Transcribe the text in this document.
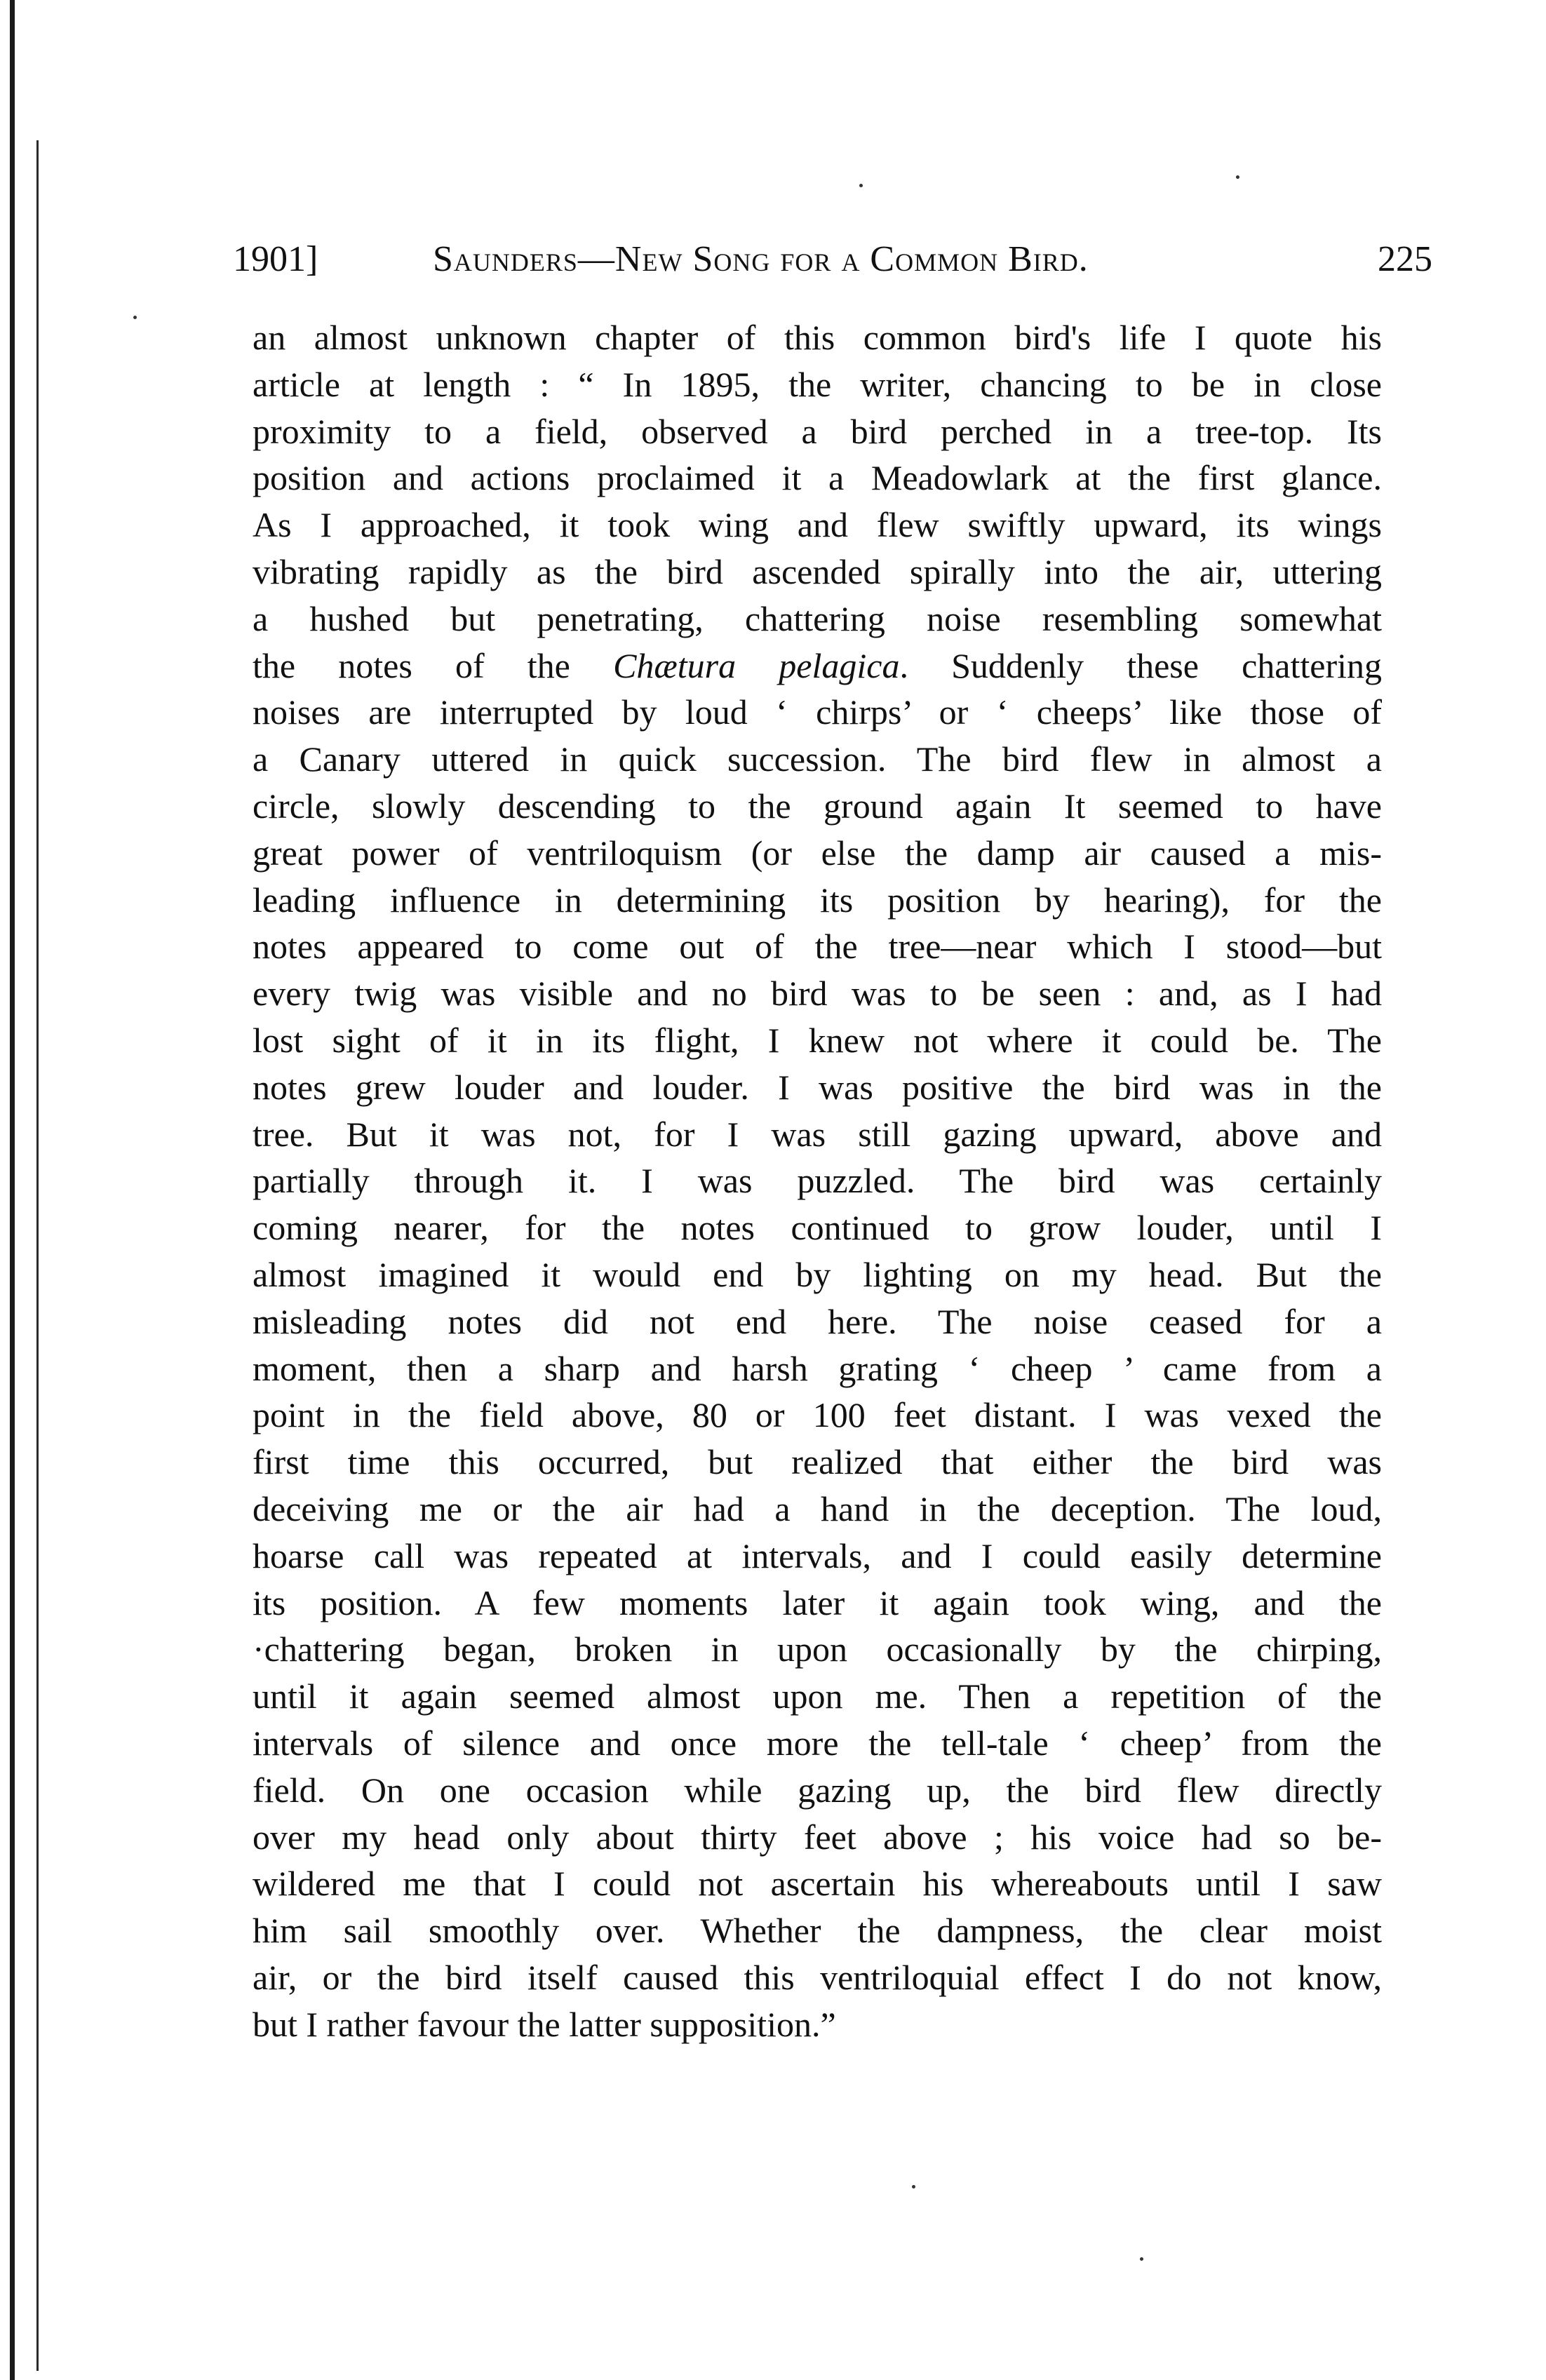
1901]	Saunders—New Song for a Common Bird.	225
an almost unknown chapter of this common bird's life I quote his
article at length : “ In 1895, the writer, chancing to be in close
proximity to a field, observed a bird perched in a tree-top. Its
position and actions proclaimed it a Meadowlark at the first glance.
As I approached, it took wing and flew swiftly upward, its wings
vibrating rapidly as the bird ascended spirally into the air, uttering
a hushed but penetrating, chattering noise resembling somewhat
the notes of the Chætura pelagica. Suddenly these chattering
noises are interrupted by loud ‘ chirps’ or ‘ cheeps’ like those of
a Canary uttered in quick succession. The bird flew in almost a
circle, slowly descending to the ground again It seemed to have
great power of ventriloquism (or else the damp air caused a mis-
leading influence in determining its position by hearing), for the
notes appeared to come out of the tree—near which I stood—but
every twig was visible and no bird was to be seen : and, as I had
lost sight of it in its flight, I knew not where it could be. The
notes grew louder and louder. I was positive the bird was in the
tree. But it was not, for I was still gazing upward, above and
partially through it. I was puzzled. The bird was certainly
coming nearer, for the notes continued to grow louder, until I
almost imagined it would end by lighting on my head. But the
misleading notes did not end here. The noise ceased for a
moment, then a sharp and harsh grating ‘ cheep ’ came from a
point in the field above, 80 or 100 feet distant. I was vexed the
first time this occurred, but realized that either the bird was
deceiving me or the air had a hand in the deception. The loud,
hoarse call was repeated at intervals, and I could easily determine
its position. A few moments later it again took wing, and the
·chattering began, broken in upon occasionally by the chirping,
until it again seemed almost upon me. Then a repetition of the
intervals of silence and once more the tell-tale ‘ cheep’ from the
field. On one occasion while gazing up, the bird flew directly
over my head only about thirty feet above ; his voice had so be-
wildered me that I could not ascertain his whereabouts until I saw
him sail smoothly over. Whether the dampness, the clear moist
air, or the bird itself caused this ventriloquial effect I do not know,
but I rather favour the latter supposition.”
